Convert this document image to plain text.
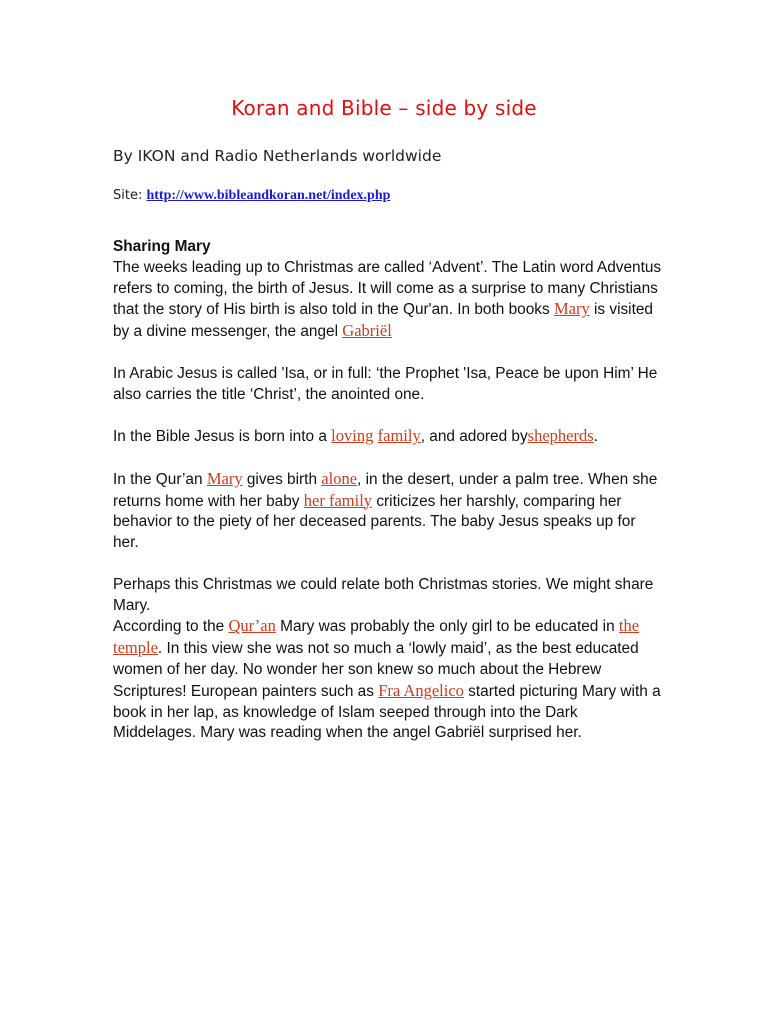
Koran and Bible – side by side
By IKON and Radio Netherlands worldwide
Site: http://www.bibleandkoran.net/index.php

Sharing Mary

The weeks leading up to Christmas are called ‘Advent’. The Latin word Adventus refers to coming, the birth of Jesus. It will come as a surprise to many Christians that the story of His birth is also told in the Qur'an. In both books Mary is visited by a divine messenger, the angel Gabriël

In Arabic Jesus is called 'Isa, or in full: ‘the Prophet 'Isa, Peace be upon Him’ He also carries the title ‘Christ’, the anointed one.

In the Bible Jesus is born into a loving family, and adored byshepherds.

In the Qur’an Mary gives birth alone, in the desert, under a palm tree. When she returns home with her baby her family criticizes her harshly, comparing her behavior to the piety of her deceased parents. The baby Jesus speaks up for her.

Perhaps this Christmas we could relate both Christmas stories. We might share Mary.

According to the Qur’an Mary was probably the only girl to be educated in the temple. In this view she was not so much a ‘lowly maid’, as the best educated women of her day. No wonder her son knew so much about the Hebrew Scriptures! European painters such as Fra Angelico started picturing Mary with a book in her lap, as knowledge of Islam seeped through into the Dark Middelages. Mary was reading when the angel Gabriël surprised her.
